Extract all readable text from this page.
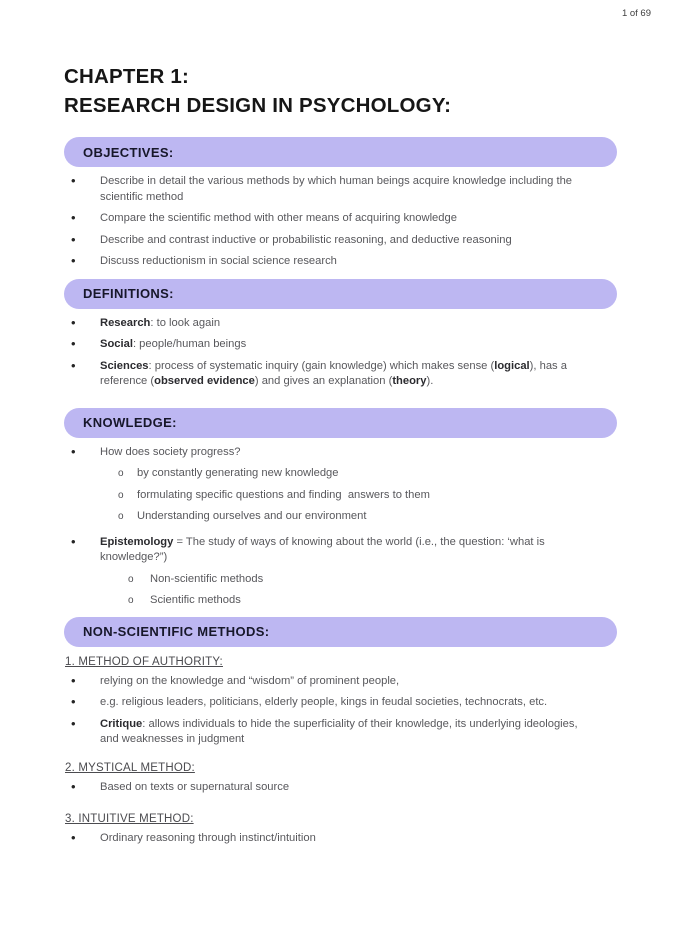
1 of 69
CHAPTER 1:
RESEARCH DESIGN IN PSYCHOLOGY:
OBJECTIVES:
• Describe in detail the various methods by which human beings acquire knowledge including the scientific method
• Compare the scientific method with other means of acquiring knowledge
• Describe and contrast inductive or probabilistic reasoning, and deductive reasoning
• Discuss reductionism in social science research
DEFINITIONS:
• Research: to look again
• Social: people/human beings
• Sciences: process of systematic inquiry (gain knowledge) which makes sense (logical), has a reference (observed evidence) and gives an explanation (theory).
KNOWLEDGE:
• How does society progress?
o by constantly generating new knowledge
o formulating specific questions and finding  answers to them
o Understanding ourselves and our environment
• Epistemology = The study of ways of knowing about the world (i.e., the question: ‘what is knowledge?”)
o Non-scientific methods
o Scientific methods
NON-SCIENTIFIC METHODS:
1. METHOD OF AUTHORITY:
• relying on the knowledge and “wisdom” of prominent people,
• e.g. religious leaders, politicians, elderly people, kings in feudal societies, technocrats, etc.
• Critique: allows individuals to hide the superficiality of their knowledge, its underlying ideologies,  and weaknesses in judgment
2. MYSTICAL METHOD:
• Based on texts or supernatural source
3. INTUITIVE METHOD:
• Ordinary reasoning through instinct/intuition
